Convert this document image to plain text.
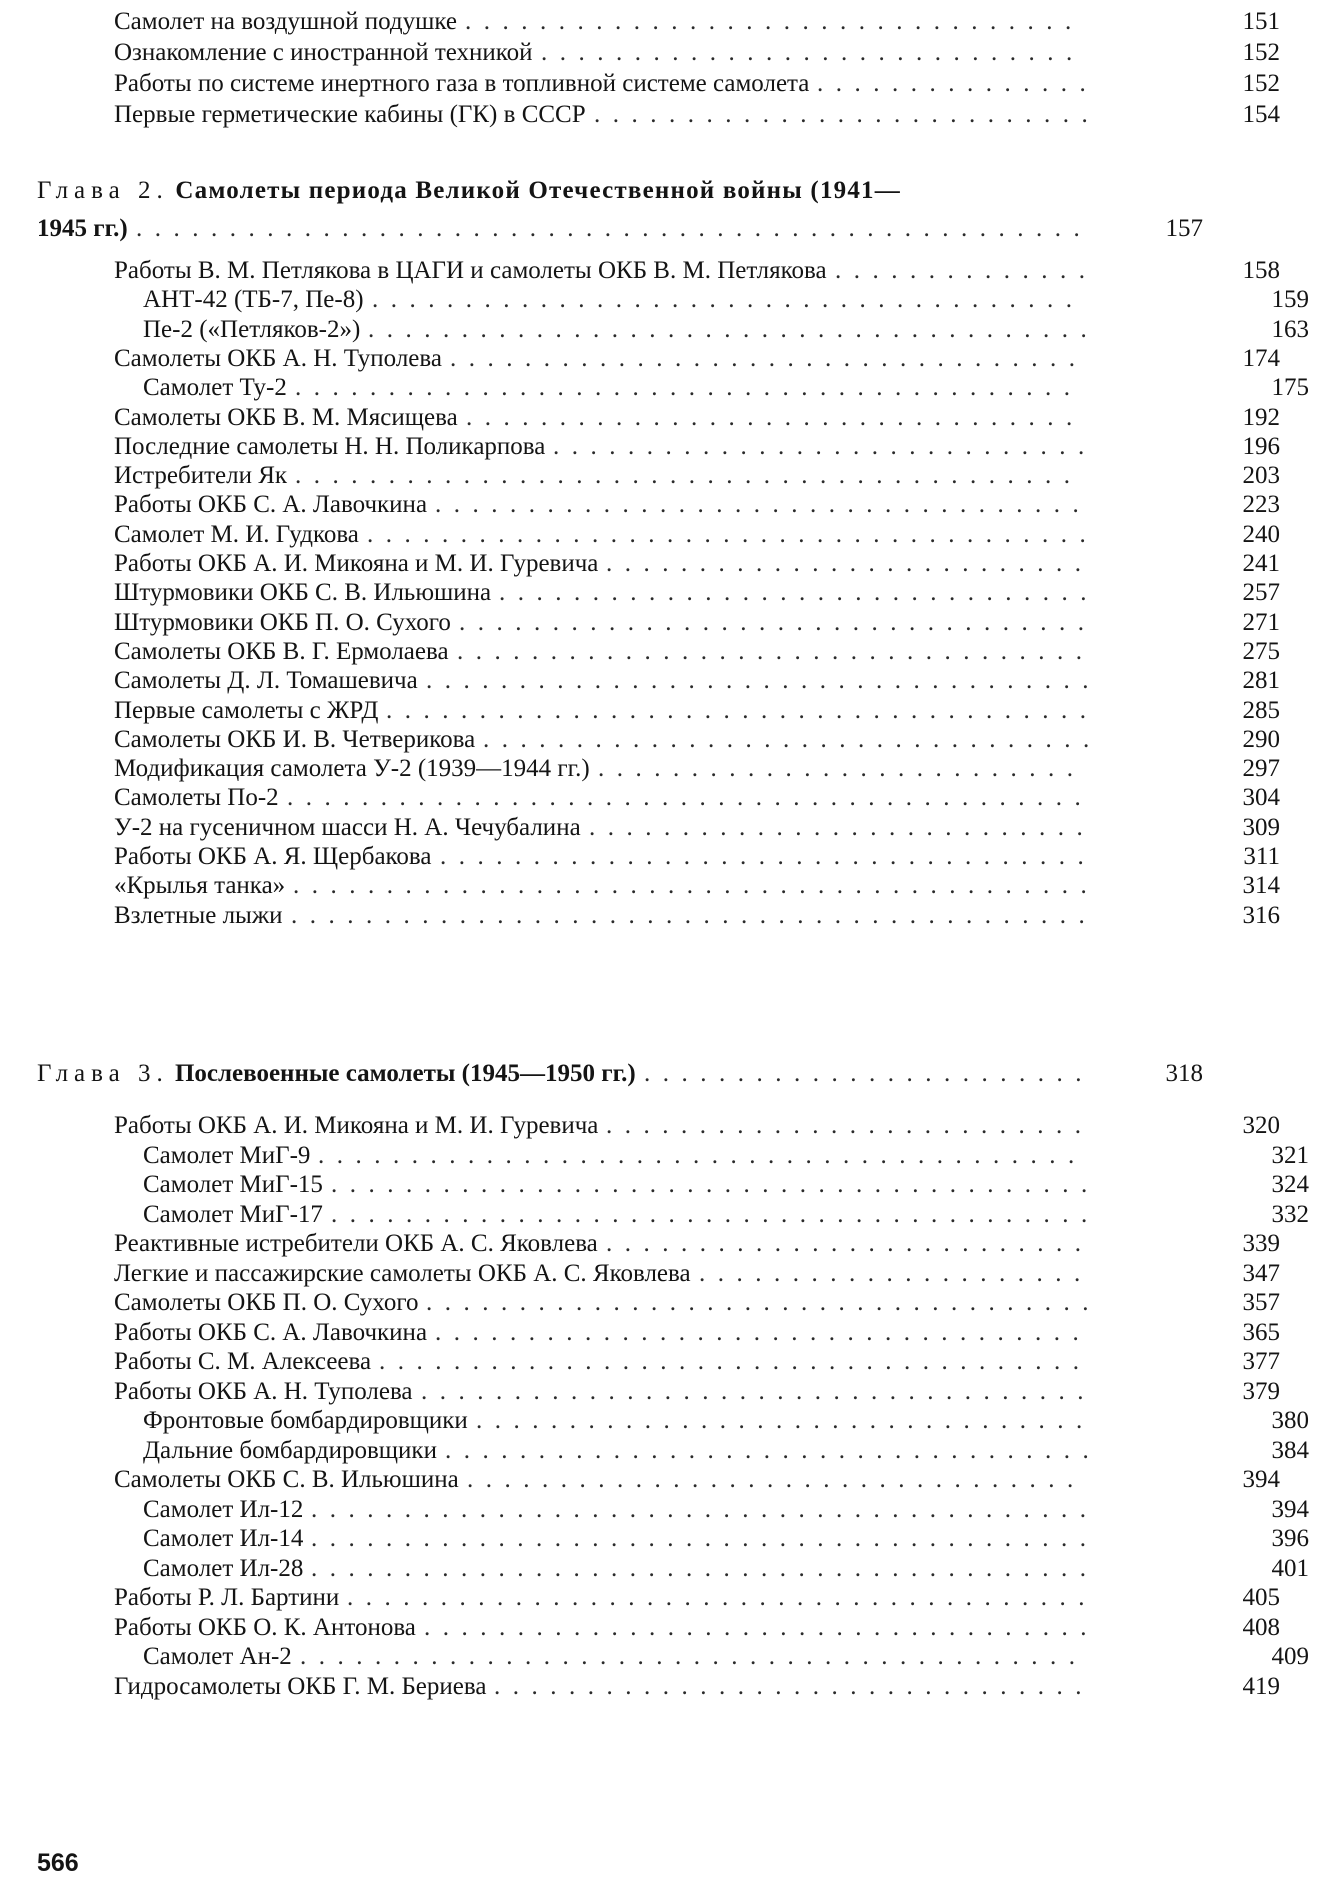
Самолет на воздушной подушке .  .  .  .  .  .  .  .  .  .  .  .  .  .  .  .  .  .  .  .  .  .  .  .  .  .  .  .  .  .  .  .  .	151
Ознакомление с иностранной техникой .  .  .  .  .  .  .  .  .  .  .  .  .  .  .  .  .  .  .  .  .  .  .  .  .  .  .  .  .	152
Работы по системе инертного газа в топливной системе самолета .  .  .  .  .  .  .  .  .  .  .  .  .  .  .	152
Первые герметические кабины (ГК) в СССР .  .  .  .  .  .  .  .  .  .  .  .  .  .  .  .  .  .  .  .  .  .  .  .  .  .  .	154
Глава 2. Самолеты периода Великой Отечественной войны (1941—
1945 гг.) .  .  .  .  .  .  .  .  .  .  .  .  .  .  .  .  .  .  .  .  .  .  .  .  .  .  .  .  .  .  .  .  .  .  .  .  .  .  .  .  .  .  .  .  .  .  .  .  .  .  .	157
Работы В. М. Петлякова в ЦАГИ и самолеты ОКБ В. М. Петлякова .  .  .  .  .  .  .  .  .  .  .  .  .  .	158
АНТ-42 (ТБ-7, Пе-8) .  .  .  .  .  .  .  .  .  .  .  .  .  .  .  .  .  .  .  .  .  .  .  .  .  .  .  .  .  .  .  .  .  .  .  .  .  .	159
Пе-2 («Петляков-2») .  .  .  .  .  .  .  .  .  .  .  .  .  .  .  .  .  .  .  .  .  .  .  .  .  .  .  .  .  .  .  .  .  .  .  .  .  .  .	163
Самолеты ОКБ А. Н. Туполева .  .  .  .  .  .  .  .  .  .  .  .  .  .  .  .  .  .  .  .  .  .  .  .  .  .  .  .  .  .  .  .  .  .	174
Самолет Ту-2 .  .  .  .  .  .  .  .  .  .  .  .  .  .  .  .  .  .  .  .  .  .  .  .  .  .  .  .  .  .  .  .  .  .  .  .  .  .  .  .  .  .	175
Самолеты ОКБ В. М. Мясищева .  .  .  .  .  .  .  .  .  .  .  .  .  .  .  .  .  .  .  .  .  .  .  .  .  .  .  .  .  .  .  .  .	192
Последние самолеты Н. Н. Поликарпова .  .  .  .  .  .  .  .  .  .  .  .  .  .  .  .  .  .  .  .  .  .  .  .  .  .  .  .  .	196
Истребители Як .  .  .  .  .  .  .  .  .  .  .  .  .  .  .  .  .  .  .  .  .  .  .  .  .  .  .  .  .  .  .  .  .  .  .  .  .  .  .  .  .  .	203
Работы ОКБ С. А. Лавочкина .  .  .  .  .  .  .  .  .  .  .  .  .  .  .  .  .  .  .  .  .  .  .  .  .  .  .  .  .  .  .  .  .  .  .	223
Самолет М. И. Гудкова .  .  .  .  .  .  .  .  .  .  .  .  .  .  .  .  .  .  .  .  .  .  .  .  .  .  .  .  .  .  .  .  .  .  .  .  .  .  .	240
Работы ОКБ А. И. Микояна и М. И. Гуревича .  .  .  .  .  .  .  .  .  .  .  .  .  .  .  .  .  .  .  .  .  .  .  .  .  .	241
Штурмовики ОКБ С. В. Ильюшина .  .  .  .  .  .  .  .  .  .  .  .  .  .  .  .  .  .  .  .  .  .  .  .  .  .  .  .  .  .  .  .	257
Штурмовики ОКБ П. О. Сухого .  .  .  .  .  .  .  .  .  .  .  .  .  .  .  .  .  .  .  .  .  .  .  .  .  .  .  .  .  .  .  .  .  .	271
Самолеты ОКБ В. Г. Ермолаева .  .  .  .  .  .  .  .  .  .  .  .  .  .  .  .  .  .  .  .  .  .  .  .  .  .  .  .  .  .  .  .  .  .	275
Самолеты Д. Л. Томашевича .  .  .  .  .  .  .  .  .  .  .  .  .  .  .  .  .  .  .  .  .  .  .  .  .  .  .  .  .  .  .  .  .  .  .  .	281
Первые самолеты с ЖРД .  .  .  .  .  .  .  .  .  .  .  .  .  .  .  .  .  .  .  .  .  .  .  .  .  .  .  .  .  .  .  .  .  .  .  .  .  .	285
Самолеты ОКБ И. В. Четверикова .  .  .  .  .  .  .  .  .  .  .  .  .  .  .  .  .  .  .  .  .  .  .  .  .  .  .  .  .  .  .  .  .	290
Модификация самолета У-2 (1939—1944 гг.) .  .  .  .  .  .  .  .  .  .  .  .  .  .  .  .  .  .  .  .  .  .  .  .  .  .	297
Самолеты По-2 .  .  .  .  .  .  .  .  .  .  .  .  .  .  .  .  .  .  .  .  .  .  .  .  .  .  .  .  .  .  .  .  .  .  .  .  .  .  .  .  .  .  .	304
У-2 на гусеничном шасси Н. А. Чечубалина .  .  .  .  .  .  .  .  .  .  .  .  .  .  .  .  .  .  .  .  .  .  .  .  .  .  .	309
Работы ОКБ А. Я. Щербакова .  .  .  .  .  .  .  .  .  .  .  .  .  .  .  .  .  .  .  .  .  .  .  .  .  .  .  .  .  .  .  .  .  .  .	311
«Крылья танка» .  .  .  .  .  .  .  .  .  .  .  .  .  .  .  .  .  .  .  .  .  .  .  .  .  .  .  .  .  .  .  .  .  .  .  .  .  .  .  .  .  .  .	314
Взлетные лыжи .  .  .  .  .  .  .  .  .  .  .  .  .  .  .  .  .  .  .  .  .  .  .  .  .  .  .  .  .  .  .  .  .  .  .  .  .  .  .  .  .  .  .	316
Глава 3. Послевоенные самолеты (1945—1950 гг.) .  .  .  .  .  .  .  .  .  .  .  .  .  .  .  .  .  .  .  .  .  .  .  .	318
Работы ОКБ А. И. Микояна и М. И. Гуревича .  .  .  .  .  .  .  .  .  .  .  .  .  .  .  .  .  .  .  .  .  .  .  .  .  .	320
Самолет МиГ-9 .  .  .  .  .  .  .  .  .  .  .  .  .  .  .  .  .  .  .  .  .  .  .  .  .  .  .  .  .  .  .  .  .  .  .  .  .  .  .  .  .	321
Самолет МиГ-15 .  .  .  .  .  .  .  .  .  .  .  .  .  .  .  .  .  .  .  .  .  .  .  .  .  .  .  .  .  .  .  .  .  .  .  .  .  .  .  .  .	324
Самолет МиГ-17 .  .  .  .  .  .  .  .  .  .  .  .  .  .  .  .  .  .  .  .  .  .  .  .  .  .  .  .  .  .  .  .  .  .  .  .  .  .  .  .  .	332
Реактивные истребители ОКБ А. С. Яковлева .  .  .  .  .  .  .  .  .  .  .  .  .  .  .  .  .  .  .  .  .  .  .  .  .  .	339
Легкие и пассажирские самолеты ОКБ А. С. Яковлева .  .  .  .  .  .  .  .  .  .  .  .  .  .  .  .  .  .  .  .  .	347
Самолеты ОКБ П. О. Сухого .  .  .  .  .  .  .  .  .  .  .  .  .  .  .  .  .  .  .  .  .  .  .  .  .  .  .  .  .  .  .  .  .  .  .  .	357
Работы ОКБ С. А. Лавочкина .  .  .  .  .  .  .  .  .  .  .  .  .  .  .  .  .  .  .  .  .  .  .  .  .  .  .  .  .  .  .  .  .  .  .	365
Работы С. М. Алексеева .  .  .  .  .  .  .  .  .  .  .  .  .  .  .  .  .  .  .  .  .  .  .  .  .  .  .  .  .  .  .  .  .  .  .  .  .  .	377
Работы ОКБ А. Н. Туполева .  .  .  .  .  .  .  .  .  .  .  .  .  .  .  .  .  .  .  .  .  .  .  .  .  .  .  .  .  .  .  .  .  .  .  .	379
Фронтовые бомбардировщики .  .  .  .  .  .  .  .  .  .  .  .  .  .  .  .  .  .  .  .  .  .  .  .  .  .  .  .  .  .  .  .  .	380
Дальние бомбардировщики .  .  .  .  .  .  .  .  .  .  .  .  .  .  .  .  .  .  .  .  .  .  .  .  .  .  .  .  .  .  .  .  .  .  .	384
Самолеты ОКБ С. В. Ильюшина .  .  .  .  .  .  .  .  .  .  .  .  .  .  .  .  .  .  .  .  .  .  .  .  .  .  .  .  .  .  .  .  .	394
Самолет Ил-12 .  .  .  .  .  .  .  .  .  .  .  .  .  .  .  .  .  .  .  .  .  .  .  .  .  .  .  .  .  .  .  .  .  .  .  .  .  .  .  .  .  .	394
Самолет Ил-14 .  .  .  .  .  .  .  .  .  .  .  .  .  .  .  .  .  .  .  .  .  .  .  .  .  .  .  .  .  .  .  .  .  .  .  .  .  .  .  .  .  .	396
Самолет Ил-28 .  .  .  .  .  .  .  .  .  .  .  .  .  .  .  .  .  .  .  .  .  .  .  .  .  .  .  .  .  .  .  .  .  .  .  .  .  .  .  .  .  .	401
Работы Р. Л. Бартини .  .  .  .  .  .  .  .  .  .  .  .  .  .  .  .  .  .  .  .  .  .  .  .  .  .  .  .  .  .  .  .  .  .  .  .  .  .  .  .	405
Работы ОКБ О. К. Антонова .  .  .  .  .  .  .  .  .  .  .  .  .  .  .  .  .  .  .  .  .  .  .  .  .  .  .  .  .  .  .  .  .  .  .  .	408
Самолет Ан-2 .  .  .  .  .  .  .  .  .  .  .  .  .  .  .  .  .  .  .  .  .  .  .  .  .  .  .  .  .  .  .  .  .  .  .  .  .  .  .  .  .  .	409
Гидросамолеты ОКБ Г. М. Бериева .  .  .  .  .  .  .  .  .  .  .  .  .  .  .  .  .  .  .  .  .  .  .  .  .  .  .  .  .  .  .  .	419
566
